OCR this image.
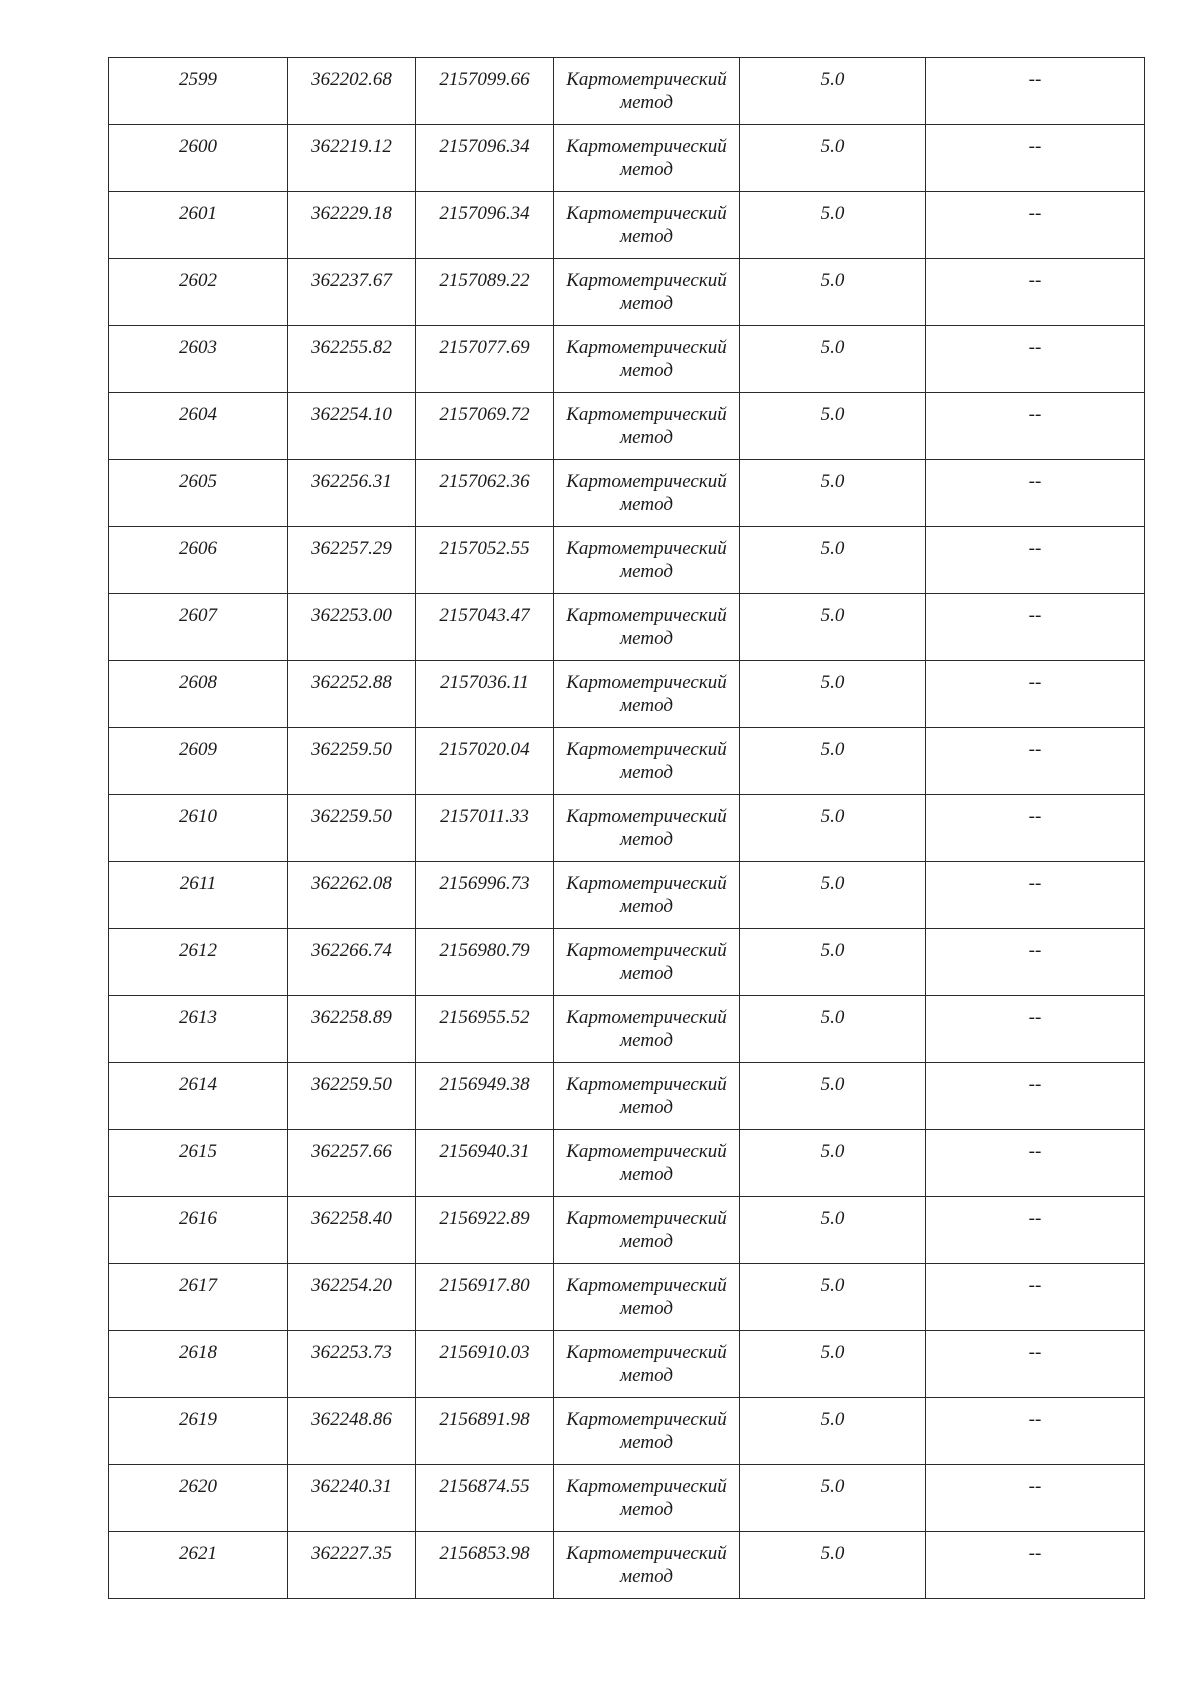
2599	362202.68	2157099.66	Картометрический метод	5.0	--

2600	362219.12	2157096.34	Картометрический метод	5.0	--

2601	362229.18	2157096.34	Картометрический метод	5.0	--

2602	362237.67	2157089.22	Картометрический метод	5.0	--

2603	362255.82	2157077.69	Картометрический метод	5.0	--

2604	362254.10	2157069.72	Картометрический метод	5.0	--

2605	362256.31	2157062.36	Картометрический метод	5.0	--

2606	362257.29	2157052.55	Картометрический метод	5.0	--

2607	362253.00	2157043.47	Картометрический метод	5.0	--

2608	362252.88	2157036.11	Картометрический метод	5.0	--

2609	362259.50	2157020.04	Картометрический метод	5.0	--

2610	362259.50	2157011.33	Картометрический метод	5.0	--

2611	362262.08	2156996.73	Картометрический метод	5.0	--

2612	362266.74	2156980.79	Картометрический метод	5.0	--

2613	362258.89	2156955.52	Картометрический метод	5.0	--

2614	362259.50	2156949.38	Картометрический метод	5.0	--

2615	362257.66	2156940.31	Картометрический метод	5.0	--

2616	362258.40	2156922.89	Картометрический метод	5.0	--

2617	362254.20	2156917.80	Картометрический метод	5.0	--

2618	362253.73	2156910.03	Картометрический метод	5.0	--

2619	362248.86	2156891.98	Картометрический метод	5.0	--

2620	362240.31	2156874.55	Картометрический метод	5.0	--

2621	362227.35	2156853.98	Картометрический метод	5.0	--
